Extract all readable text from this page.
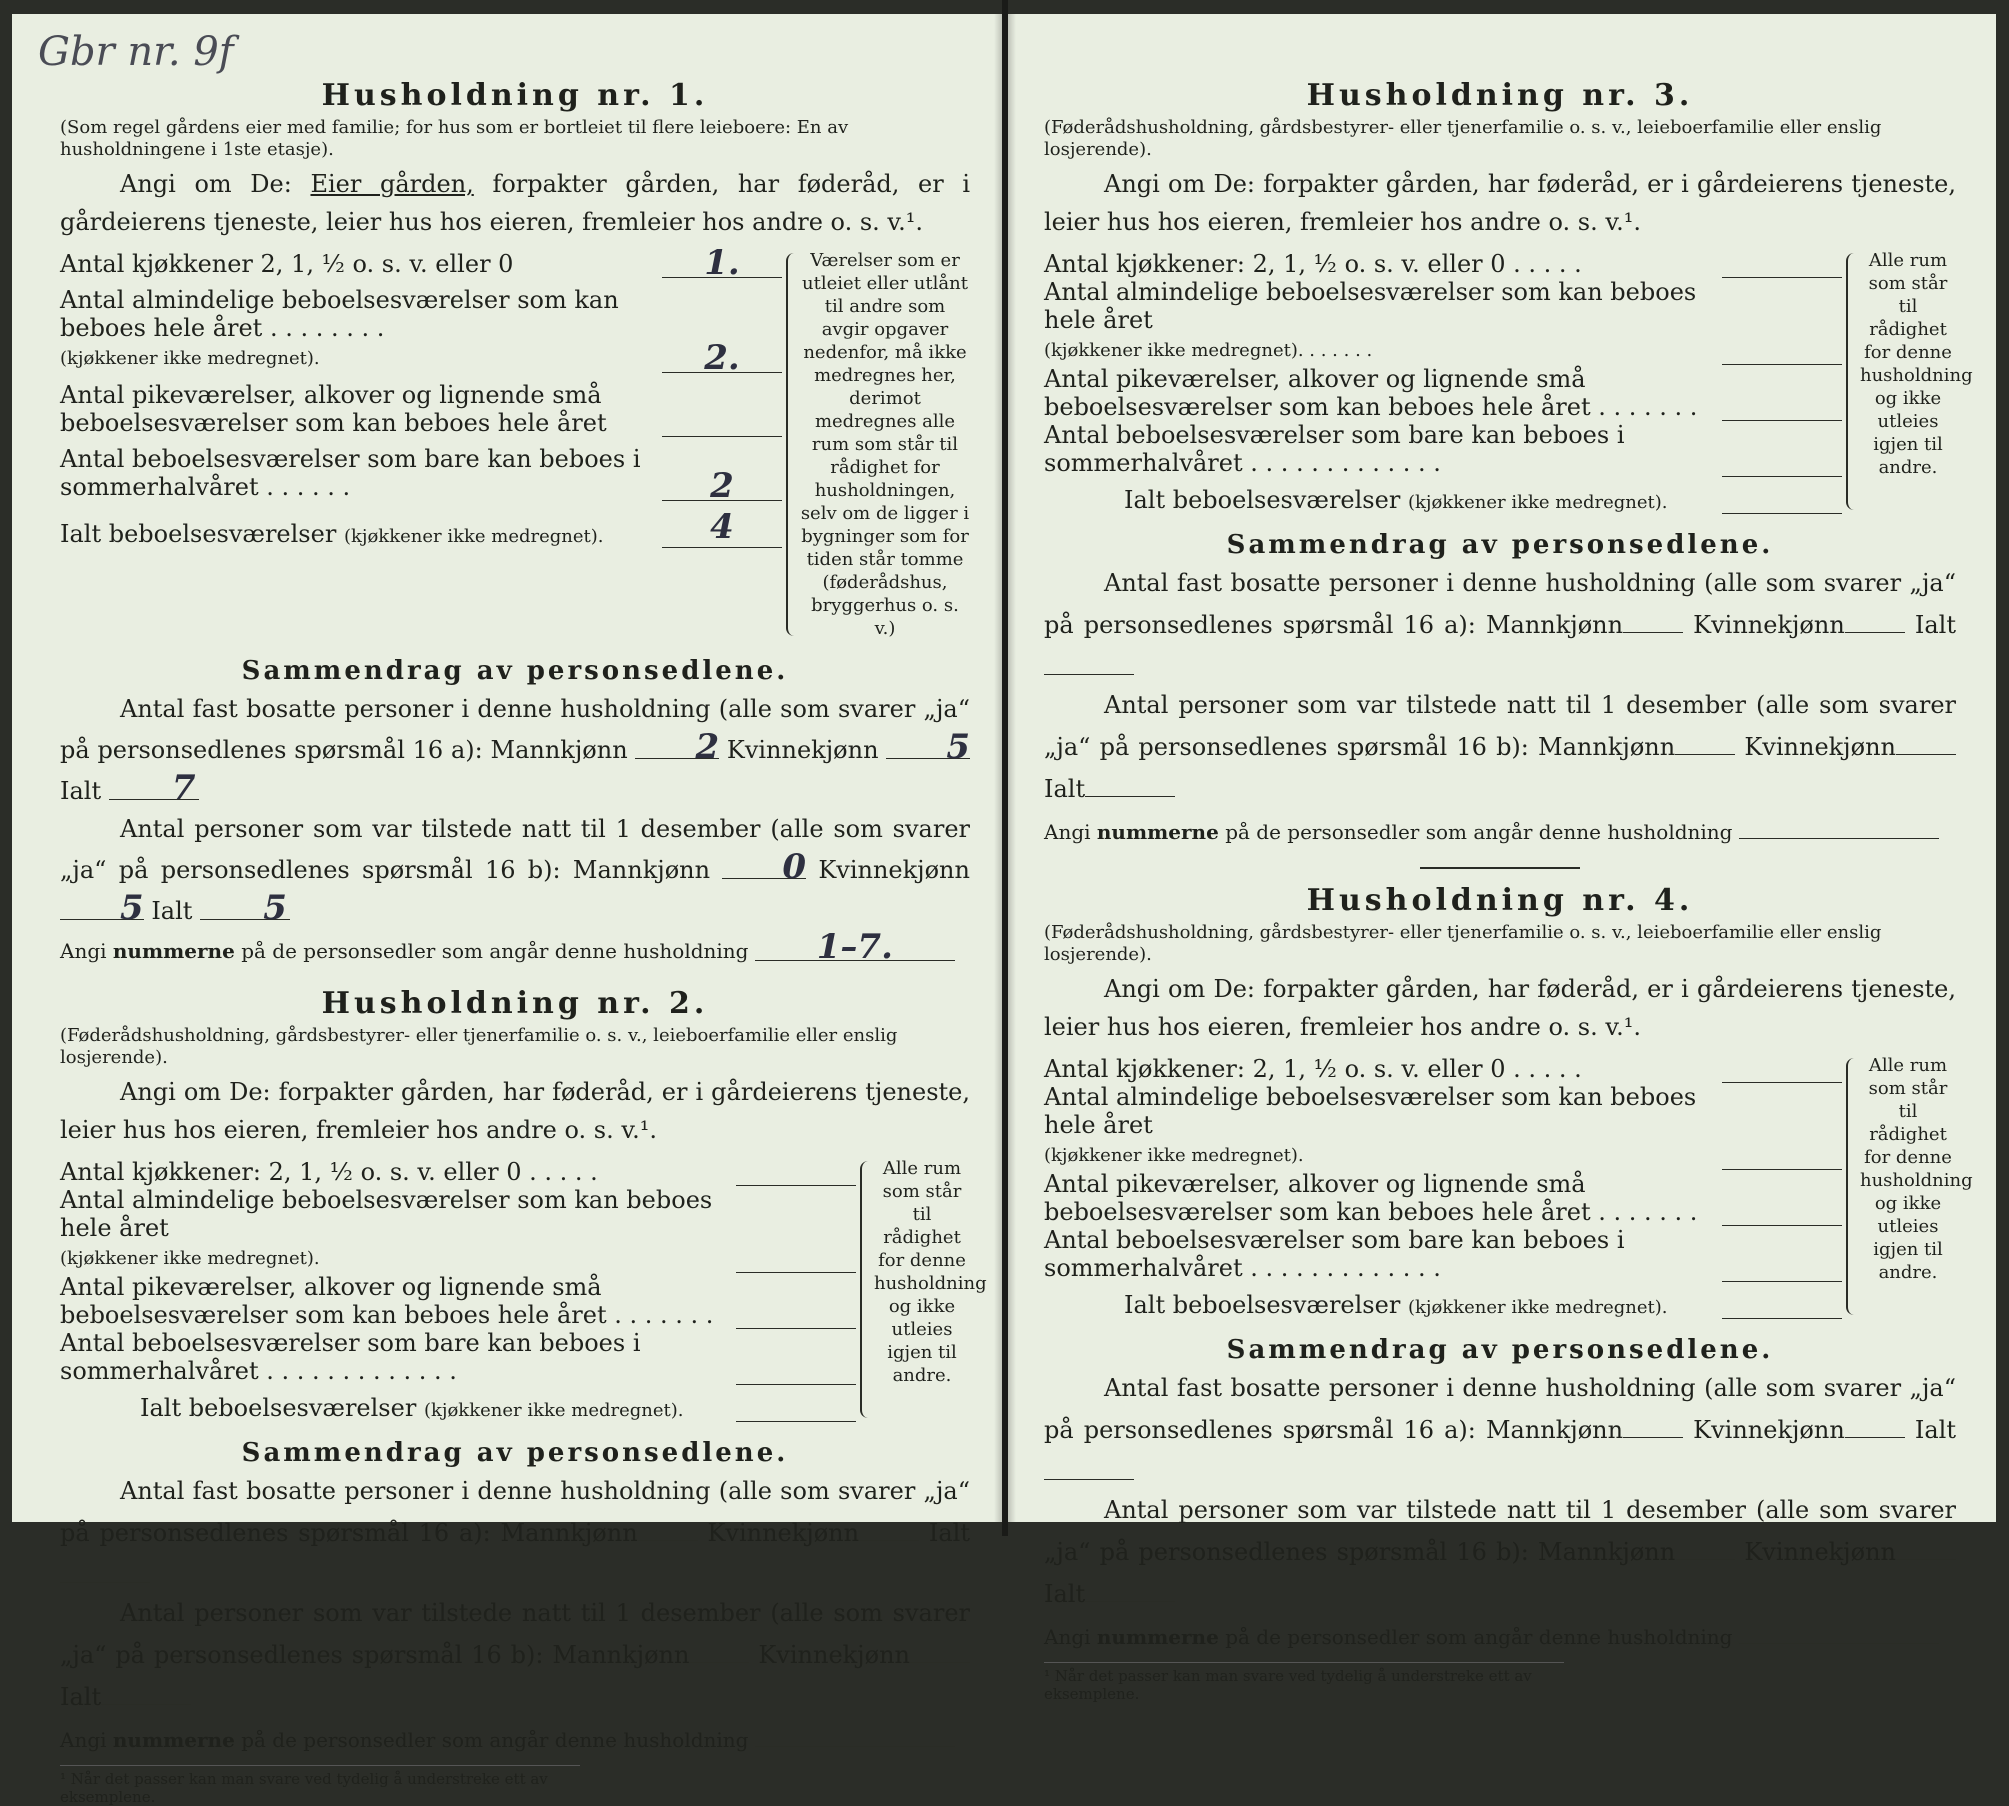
Gbr nr. 9f
Husholdning nr. 1.
(Som regel gårdens eier med familie; for hus som er bortleiet til flere leieboere: En av husholdningene i 1ste etasje).
Angi om De: Eier gården, forpakter gården, har føderåd, er i gårdeierens tjeneste, leier hus hos eieren, fremleier hos andre o. s. v.¹.
Antal kjøkkener 2, 1, ½ o. s. v. eller 0	1.
Antal almindelige beboelsesværelser som kan beboes hele året . . . . . . . .
(kjøkkener ikke medregnet).	2.
Antal pikeværelser, alkover og lignende små beboelsesværelser som kan beboes hele året
Antal beboelsesværelser som bare kan beboes i sommerhalvåret . . . . . .	2
Ialt beboelsesværelser (kjøkkener ikke medregnet).	4
Værelser som er utleiet eller utlånt til andre som avgir opgaver nedenfor, må ikke medregnes her, derimot medregnes alle rum som står til rådighet for husholdningen, selv om de ligger i bygninger som for tiden står tomme (føderådshus, bryggerhus o. s. v.)
Sammendrag av personsedlene.
Antal fast bosatte personer i denne husholdning (alle som svarer „ja“ på personsedlenes spørsmål 16 a): Mannkjønn 2 Kvinnekjønn 5 Ialt 7
Antal personer som var tilstede natt til 1 desember (alle som svarer „ja“ på personsedlenes spørsmål 16 b): Mannkjønn 0 Kvinnekjønn 5 Ialt 5
Angi nummerne på de personsedler som angår denne husholdning 1–7.
Husholdning nr. 2.
(Føderådshusholdning, gårdsbestyrer- eller tjenerfamilie o. s. v., leieboerfamilie eller enslig losjerende).
Angi om De: forpakter gården, har føderåd, er i gårdeierens tjeneste, leier hus hos eieren, fremleier hos andre o. s. v.¹.
Antal kjøkkener: 2, 1, ½ o. s. v. eller 0 . . . . .
Antal almindelige beboelsesværelser som kan beboes hele året
(kjøkkener ikke medregnet).
Antal pikeværelser, alkover og lignende små beboelsesværelser som kan beboes hele året . . . . . . .
Antal beboelsesværelser som bare kan beboes i sommerhalvåret . . . . . . . . . . . . .
Ialt beboelsesværelser (kjøkkener ikke medregnet).
Alle rum som står til rådighet for denne husholdning og ikke utleies igjen til andre.
Sammendrag av personsedlene.
Antal fast bosatte personer i denne husholdning (alle som svarer „ja“ på personsedlenes spørsmål 16 a): Mannkjønn	Kvinnekjønn	Ialt
Antal personer som var tilstede natt til 1 desember (alle som svarer „ja“ på personsedlenes spørsmål 16 b): Mannkjønn	Kvinnekjønn Ialt
Angi nummerne på de personsedler som angår denne husholdning
¹ Når det passer kan man svare ved tydelig å understreke ett av eksemplene.
Husholdning nr. 3.
(Føderådshusholdning, gårdsbestyrer- eller tjenerfamilie o. s. v., leieboerfamilie eller enslig losjerende).
Angi om De: forpakter gården, har føderåd, er i gårdeierens tjeneste, leier hus hos eieren, fremleier hos andre o. s. v.¹.
Antal kjøkkener: 2, 1, ½ o. s. v. eller 0 . . . . .
Antal almindelige beboelsesværelser som kan beboes hele året
(kjøkkener ikke medregnet). . . . . . .
Antal pikeværelser, alkover og lignende små beboelsesværelser som kan beboes hele året . . . . . . .
Antal beboelsesværelser som bare kan beboes i sommerhalvåret . . . . . . . . . . . . .
Ialt beboelsesværelser (kjøkkener ikke medregnet).
Alle rum som står til rådighet for denne husholdning og ikke utleies igjen til andre.
Sammendrag av personsedlene.
Antal fast bosatte personer i denne husholdning (alle som svarer „ja“ på personsedlenes spørsmål 16 a): Mannkjønn	Kvinnekjønn	Ialt
Antal personer som var tilstede natt til 1 desember (alle som svarer „ja“ på personsedlenes spørsmål 16 b): Mannkjønn	Kvinnekjønn Ialt
Angi nummerne på de personsedler som angår denne husholdning
Husholdning nr. 4.
(Føderådshusholdning, gårdsbestyrer- eller tjenerfamilie o. s. v., leieboerfamilie eller enslig losjerende).
Angi om De: forpakter gården, har føderåd, er i gårdeierens tjeneste, leier hus hos eieren, fremleier hos andre o. s. v.¹.
Antal kjøkkener: 2, 1, ½ o. s. v. eller 0 . . . . .
Antal almindelige beboelsesværelser som kan beboes hele året
(kjøkkener ikke medregnet).
Antal pikeværelser, alkover og lignende små beboelsesværelser som kan beboes hele året . . . . . . .
Antal beboelsesværelser som bare kan beboes i sommerhalvåret . . . . . . . . . . . . .
Ialt beboelsesværelser (kjøkkener ikke medregnet).
Alle rum som står til rådighet for denne husholdning og ikke utleies igjen til andre.
Sammendrag av personsedlene.
Antal fast bosatte personer i denne husholdning (alle som svarer „ja“ på personsedlenes spørsmål 16 a): Mannkjønn	Kvinnekjønn	Ialt
Antal personer som var tilstede natt til 1 desember (alle som svarer „ja“ på personsedlenes spørsmål 16 b): Mannkjønn	Kvinnekjønn Ialt
Angi nummerne på de personsedler som angår denne husholdning
¹ Når det passer kan man svare ved tydelig å understreke ett av eksemplene.
